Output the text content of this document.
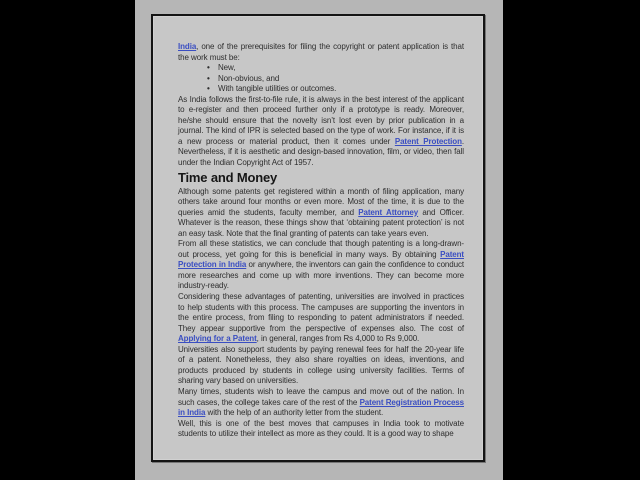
India, one of the prerequisites for filing the copyright or patent application is that the work must be:

• New,
• Non-obvious, and
• With tangible utilities or outcomes.

As India follows the first-to-file rule, it is always in the best interest of the applicant to e-register and then proceed further only if a prototype is ready. Moreover, he/she should ensure that the novelty isn’t lost even by prior publication in a journal. The kind of IPR is selected based on the type of work. For instance, if it is a new process or material product, then it comes under Patent Protection. Nevertheless, if it is aesthetic and design-based innovation, film, or video, then fall under the Indian Copyright Act of 1957.

Time and Money

Although some patents get registered within a month of filing application, many others take around four months or even more. Most of the time, it is due to the queries amid the students, faculty member, and Patent Attorney and Officer. Whatever is the reason, these things show that ‘obtaining patent protection’ is not an easy task. Note that the final granting of patents can take years even.

From all these statistics, we can conclude that though patenting is a long-drawn-out process, yet going for this is beneficial in many ways. By obtaining Patent Protection in India or anywhere, the inventors can gain the confidence to conduct more researches and come up with more inventions. They can become more industry-ready.

Considering these advantages of patenting, universities are involved in practices to help students with this process. The campuses are supporting the inventors in the entire process, from filing to responding to patent administrators if needed. They appear supportive from the perspective of expenses also. The cost of Applying for a Patent, in general, ranges from Rs 4,000 to Rs 9,000.

Universities also support students by paying renewal fees for half the 20-year life of a patent. Nonetheless, they also share royalties on ideas, inventions, and products produced by students in college using university facilities. Terms of sharing vary based on universities.

Many times, students wish to leave the campus and move out of the nation. In such cases, the college takes care of the rest of the Patent Registration Process in India with the help of an authority letter from the student.

Well, this is one of the best moves that campuses in India took to motivate students to utilize their intellect as more as they could. It is a good way to shape
